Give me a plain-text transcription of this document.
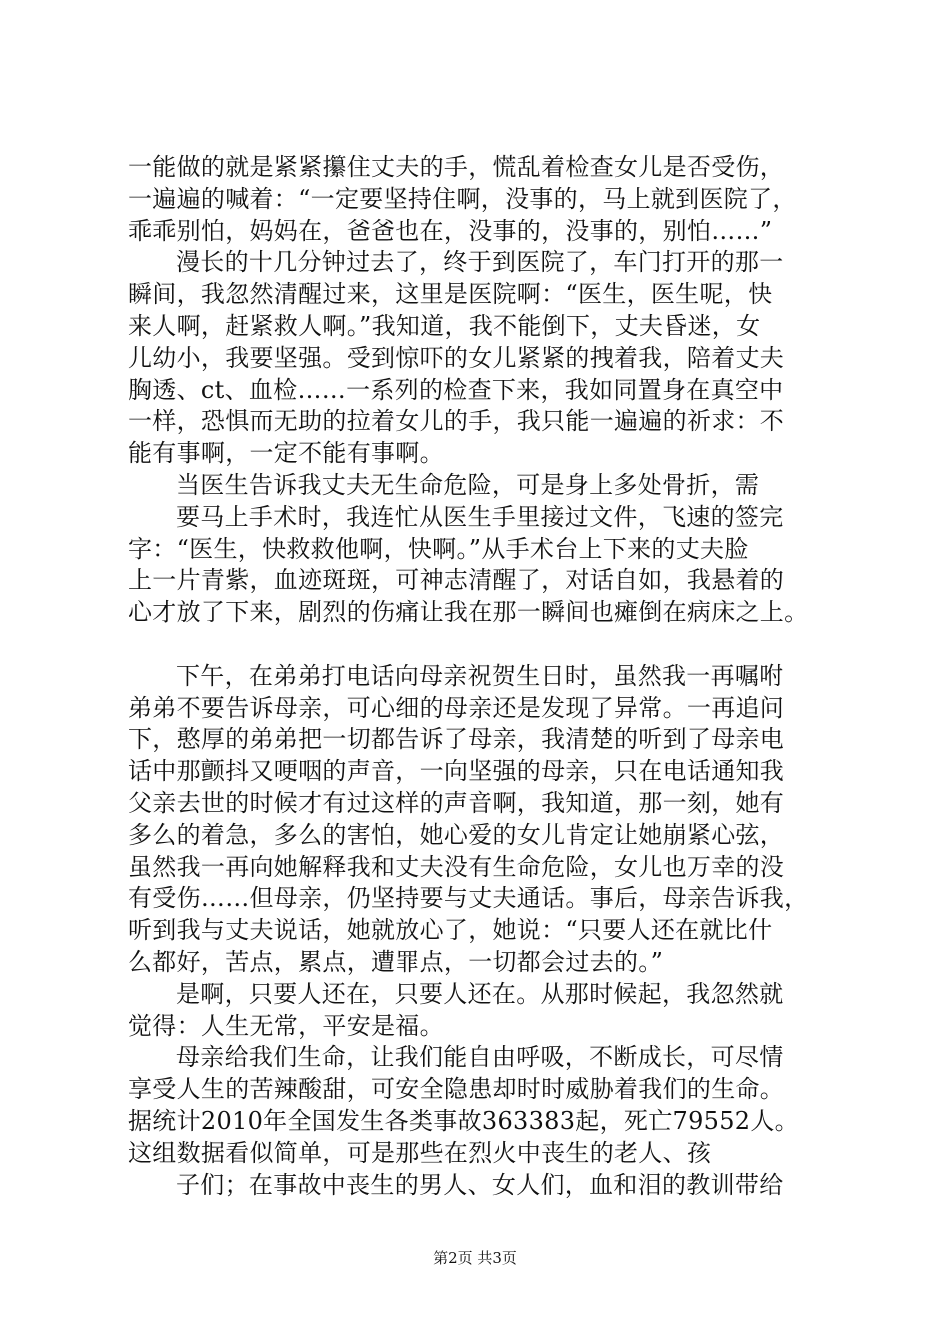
一能做的就是紧紧攥住丈夫的手，慌乱着检查女儿是否受伤，
一遍遍的喊着：“一定要坚持住啊，没事的，马上就到医院了，
乖乖别怕，妈妈在，爸爸也在，没事的，没事的，别怕……”
漫长的十几分钟过去了，终于到医院了，车门打开的那一
瞬间，我忽然清醒过来，这里是医院啊：“医生，医生呢，快
来人啊，赶紧救人啊。”我知道，我不能倒下，丈夫昏迷，女
儿幼小，我要坚强。受到惊吓的女儿紧紧的拽着我，陪着丈夫
胸透、ct、血检……一系列的检查下来，我如同置身在真空中
一样，恐惧而无助的拉着女儿的手，我只能一遍遍的祈求：不
能有事啊，一定不能有事啊。
当医生告诉我丈夫无生命危险，可是身上多处骨折，需
要马上手术时，我连忙从医生手里接过文件，飞速的签完
字：“医生，快救救他啊，快啊。”从手术台上下来的丈夫脸
上一片青紫，血迹斑斑，可神志清醒了，对话自如，我悬着的
心才放了下来，剧烈的伤痛让我在那一瞬间也瘫倒在病床之上。
下午，在弟弟打电话向母亲祝贺生日时，虽然我一再嘱咐
弟弟不要告诉母亲，可心细的母亲还是发现了异常。一再追问
下，憨厚的弟弟把一切都告诉了母亲，我清楚的听到了母亲电
话中那颤抖又哽咽的声音，一向坚强的母亲，只在电话通知我
父亲去世的时候才有过这样的声音啊，我知道，那一刻，她有
多么的着急，多么的害怕，她心爱的女儿肯定让她崩紧心弦，
虽然我一再向她解释我和丈夫没有生命危险，女儿也万幸的没
有受伤……但母亲，仍坚持要与丈夫通话。事后，母亲告诉我，
听到我与丈夫说话，她就放心了，她说：“只要人还在就比什
么都好，苦点，累点，遭罪点，一切都会过去的。”
是啊，只要人还在，只要人还在。从那时候起，我忽然就
觉得：人生无常，平安是福。
母亲给我们生命，让我们能自由呼吸，不断成长，可尽情
享受人生的苦辣酸甜，可安全隐患却时时威胁着我们的生命。
据统计2010年全国发生各类事故363383起，死亡79552人。
这组数据看似简单，可是那些在烈火中丧生的老人、孩
子们；在事故中丧生的男人、女人们，血和泪的教训带给
第2页 共3页
